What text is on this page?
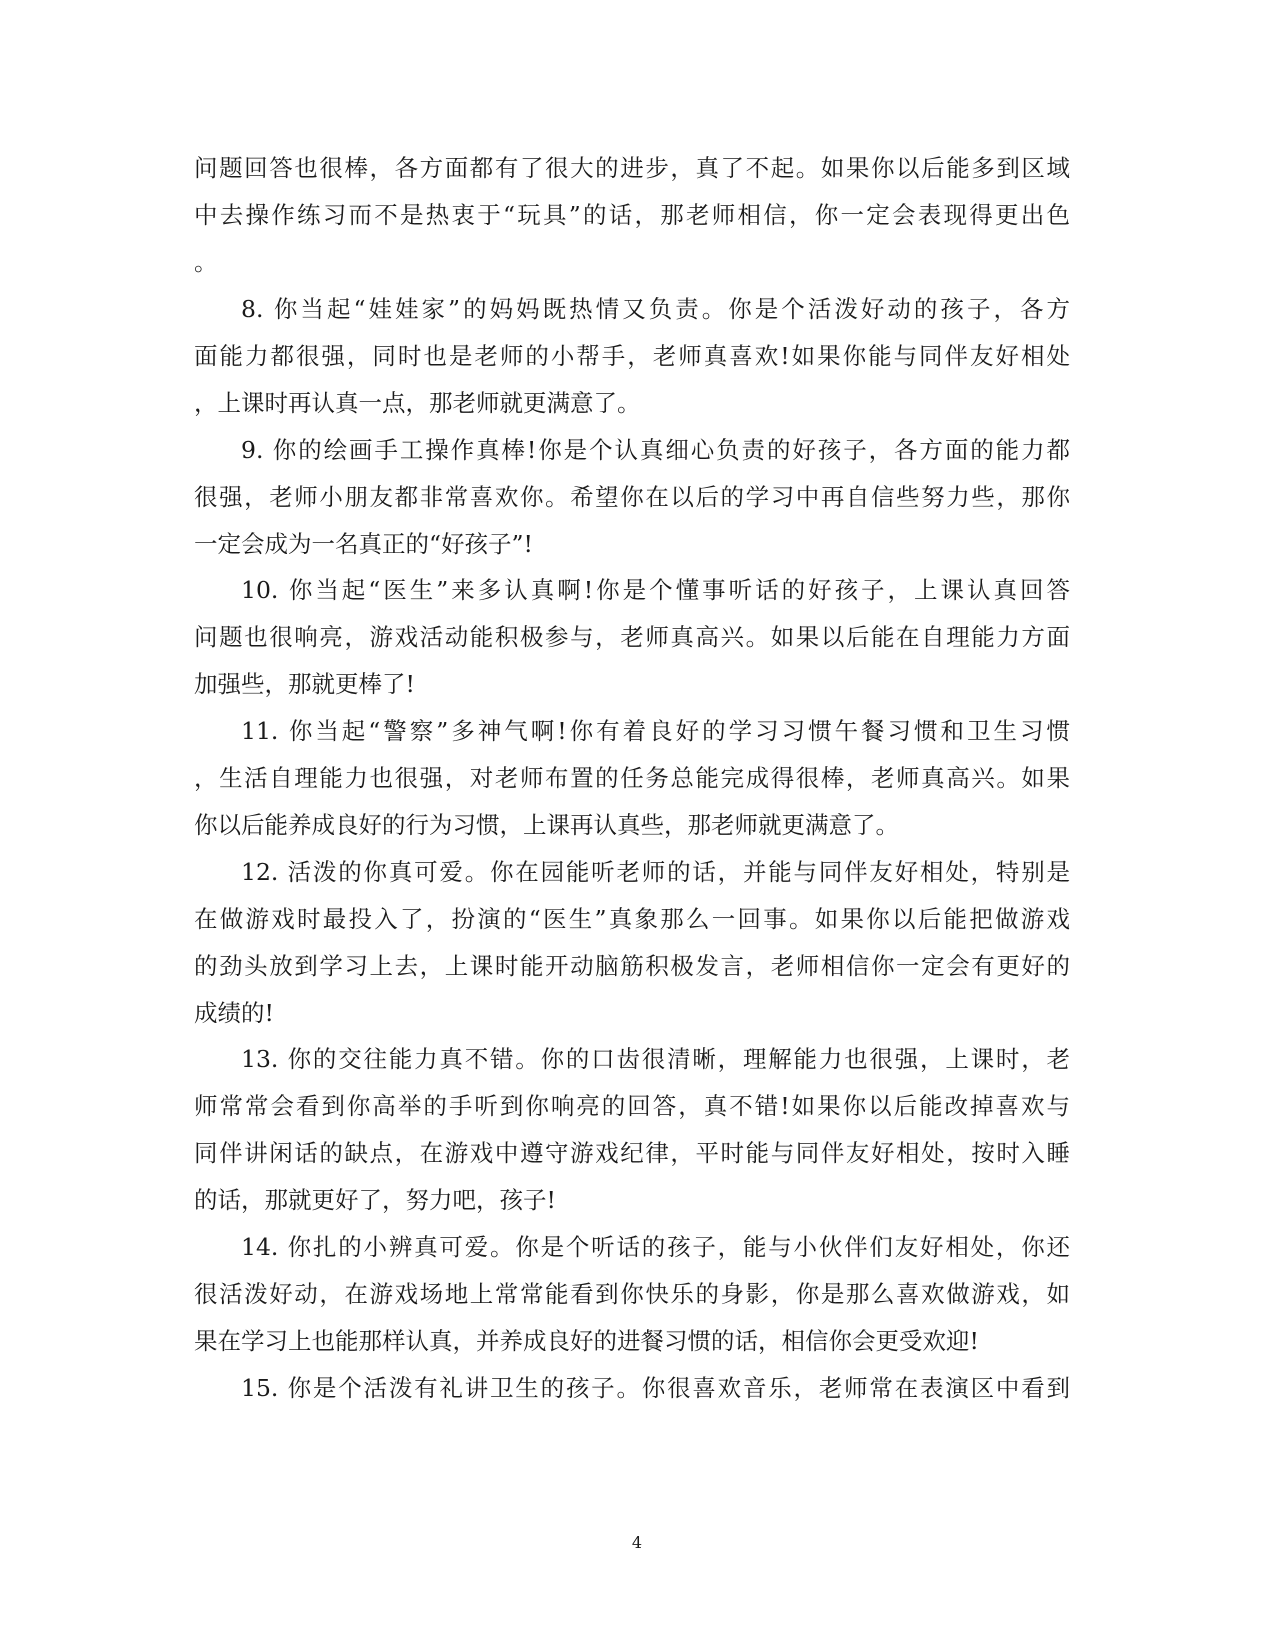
问题回答也很棒，各方面都有了很大的进步，真了不起。如果你以后能多到区域
中去操作练习而不是热衷于“玩具”的话，那老师相信，你一定会表现得更出色
。
8. 你当起“娃娃家”的妈妈既热情又负责。你是个活泼好动的孩子，各方
面能力都很强，同时也是老师的小帮手，老师真喜欢!如果你能与同伴友好相处
，上课时再认真一点，那老师就更满意了。
9. 你的绘画手工操作真棒!你是个认真细心负责的好孩子，各方面的能力都
很强，老师小朋友都非常喜欢你。希望你在以后的学习中再自信些努力些，那你
一定会成为一名真正的“好孩子”!
10. 你当起“医生”来多认真啊!你是个懂事听话的好孩子，上课认真回答
问题也很响亮，游戏活动能积极参与，老师真高兴。如果以后能在自理能力方面
加强些，那就更棒了!
11. 你当起“警察”多神气啊!你有着良好的学习习惯午餐习惯和卫生习惯
，生活自理能力也很强，对老师布置的任务总能完成得很棒，老师真高兴。如果
你以后能养成良好的行为习惯，上课再认真些，那老师就更满意了。
12. 活泼的你真可爱。你在园能听老师的话，并能与同伴友好相处，特别是
在做游戏时最投入了，扮演的“医生”真象那么一回事。如果你以后能把做游戏
的劲头放到学习上去，上课时能开动脑筋积极发言，老师相信你一定会有更好的
成绩的!
13. 你的交往能力真不错。你的口齿很清晰，理解能力也很强，上课时，老
师常常会看到你高举的手听到你响亮的回答，真不错!如果你以后能改掉喜欢与
同伴讲闲话的缺点，在游戏中遵守游戏纪律，平时能与同伴友好相处，按时入睡
的话，那就更好了，努力吧，孩子!
14. 你扎的小辨真可爱。你是个听话的孩子，能与小伙伴们友好相处，你还
很活泼好动，在游戏场地上常常能看到你快乐的身影，你是那么喜欢做游戏，如
果在学习上也能那样认真，并养成良好的进餐习惯的话，相信你会更受欢迎!
15. 你是个活泼有礼讲卫生的孩子。你很喜欢音乐，老师常在表演区中看到
4
